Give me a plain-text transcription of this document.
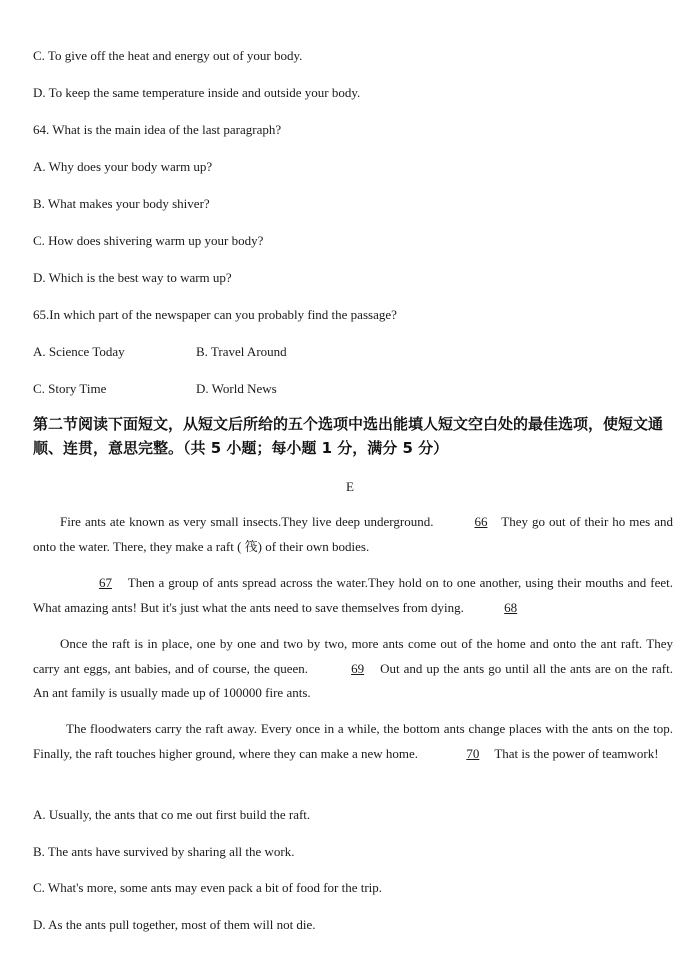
C. To give off the heat and energy out of your body.
D. To keep the same temperature inside and outside your body.
64. What is the main idea of the last paragraph?
A. Why does your body warm up?
B. What makes your body shiver?
C. How does shivering warm up your body?
D. Which is the best way to warm up?
65.In which part of the newspaper can you probably find the passage?
A. Science Today	B. Travel Around
C. Story Time	D. World News
第二节阅读下面短文，从短文后所给的五个选项中选出能填人短文空白处的最佳选项，使短文通顺、连贯，意思完整。（共 5 小题；每小题 1 分，满分 5 分）
E
Fire ants ate known as very small insects.They live deep underground.	66 They go out of their ho mes and onto the water. There, they make a raft ( 筏) of their own bodies.
67 Then a group of ants spread across the water.They hold on to one another, using their mouths and feet. What amazing ants! But it's just what the ants need to save themselves from dying.	68
Once the raft is in place, one by one and two by two, more ants come out of the home and onto the ant raft. They carry ant eggs, ant babies, and of course, the queen.	69 Out and up the ants go until all the ants are on the raft. An ant family is usually made up of 100000 fire ants.
The floodwaters carry the raft away. Every once in a while, the bottom ants change places with the ants on the top. Finally, the raft touches higher ground, where they can make a new home.	70 That is the power of teamwork!
A. Usually, the ants that co me out first build the raft.
B. The ants have survived by sharing all the work.
C. What's more, some ants may even pack a bit of food for the trip.
D. As the ants pull together, most of them will not die.
